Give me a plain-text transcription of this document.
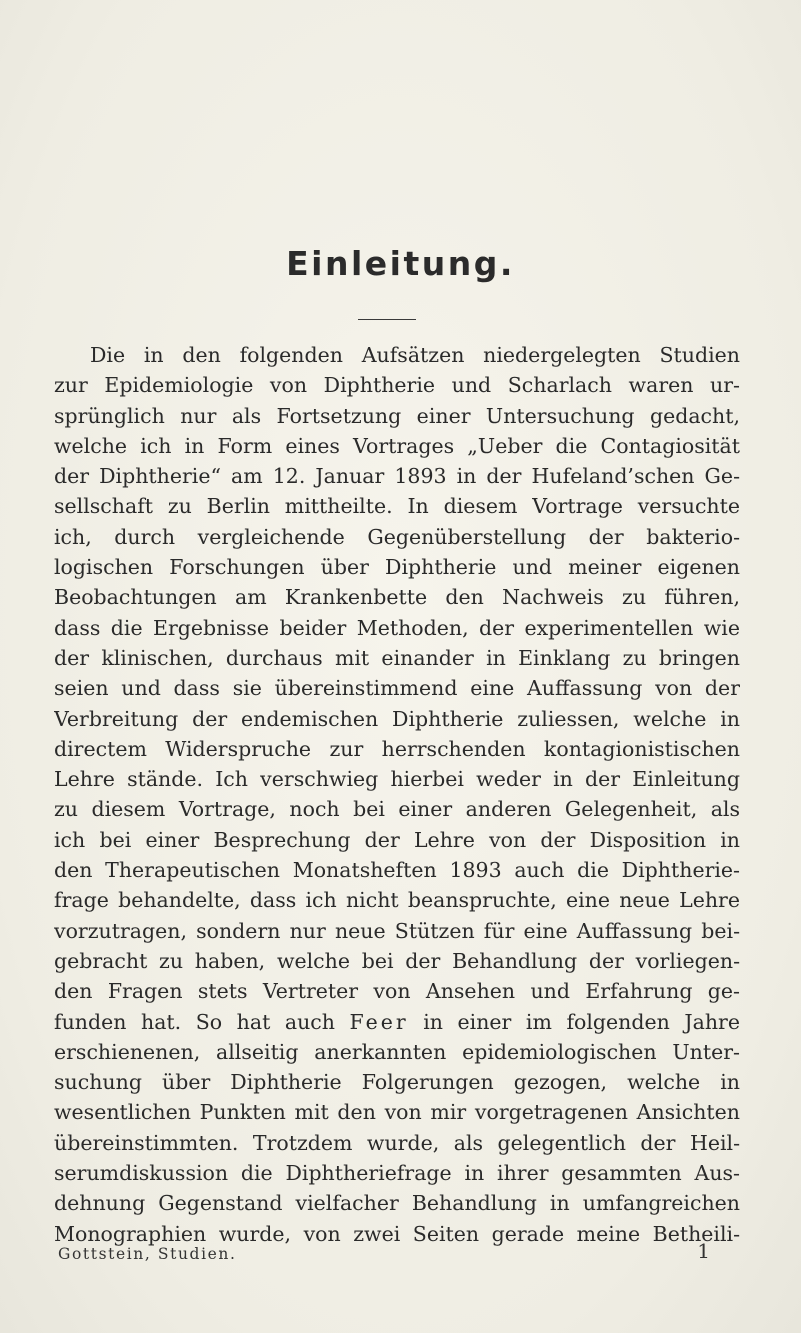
Einleitung.
Die in den folgenden Aufsätzen niedergelegten Studien
zur Epidemiologie von Diphtherie und Scharlach waren ur-
sprünglich nur als Fortsetzung einer Untersuchung gedacht,
welche ich in Form eines Vortrages „Ueber die Contagiosität
der Diphtherie“ am 12. Januar 1893 in der Hufeland’schen Ge-
sellschaft zu Berlin mittheilte. In diesem Vortrage versuchte
ich, durch vergleichende Gegenüberstellung der bakterio-
logischen Forschungen über Diphtherie und meiner eigenen
Beobachtungen am Krankenbette den Nachweis zu führen,
dass die Ergebnisse beider Methoden, der experimentellen wie
der klinischen, durchaus mit einander in Einklang zu bringen
seien und dass sie übereinstimmend eine Auffassung von der
Verbreitung der endemischen Diphtherie zuliessen, welche in
directem Widerspruche zur herrschenden kontagionistischen
Lehre stände. Ich verschwieg hierbei weder in der Einleitung
zu diesem Vortrage, noch bei einer anderen Gelegenheit, als
ich bei einer Besprechung der Lehre von der Disposition in
den Therapeutischen Monatsheften 1893 auch die Diphtherie-
frage behandelte, dass ich nicht beanspruchte, eine neue Lehre
vorzutragen, sondern nur neue Stützen für eine Auffassung bei-
gebracht zu haben, welche bei der Behandlung der vorliegen-
den Fragen stets Vertreter von Ansehen und Erfahrung ge-
funden hat. So hat auch Feer in einer im folgenden Jahre
erschienenen, allseitig anerkannten epidemiologischen Unter-
suchung über Diphtherie Folgerungen gezogen, welche in
wesentlichen Punkten mit den von mir vorgetragenen Ansichten
übereinstimmten. Trotzdem wurde, als gelegentlich der Heil-
serumdiskussion die Diphtheriefrage in ihrer gesammten Aus-
dehnung Gegenstand vielfacher Behandlung in umfangreichen
Monographien wurde, von zwei Seiten gerade meine Betheili-
Gottstein, Studien.	1
